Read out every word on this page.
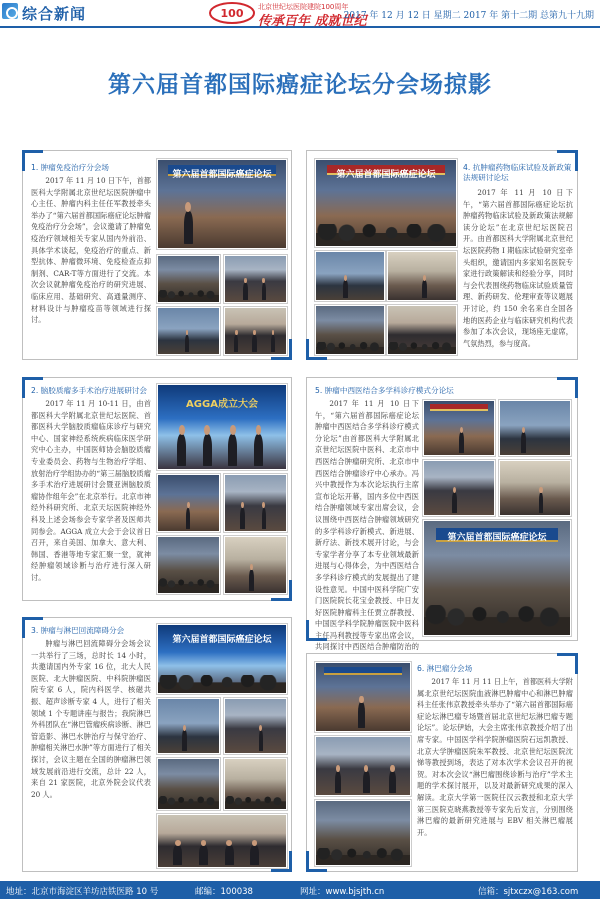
综合新闻	100 北京世纪坛医院建院100周年
传承百年 成就世纪
2017 年 12 月 12 日 星期二 2017 年 第十二期 总第九十九期
第六届首都国际癌症论坛分会场掠影
1. 肿瘤免疫治疗分会场
2017 年 11 月 10 日下午，首都医科大学附属北京世纪坛医院肿瘤中心主任、肿瘤内科主任任军教授牵头举办了“第六届首都国际癌症论坛肿瘤免疫治疗分会场”，会议邀请了肿瘤免疫治疗领域相关专家从国内外前沿、具体学术谈起，免疫治疗的重点、新型抗体、肿瘤微环境、免疫检查点抑制剂、CAR-T等方面进行了交流。本次会议就肿瘤免疫治疗的研究进展、临床应用、基础研究、高通量测序、材料设计与肿瘤疫苗等领域进行探讨。
第六届首都国际癌症论坛	第六届首都国际癌症论坛
4. 抗肿瘤药物临床试验及新政策法规研讨论坛
2017 年 11 月 10 日下午，“第六届首都国际癌症论坛抗肿瘤药物临床试验及新政策法规解读分论坛”在北京世纪坛医院召开。由首都医科大学附属北京世纪坛医院药物 I 期临床试验研究室牵头组织，邀请国内多家知名医院专家进行政策解读和经验分享，同时与会代表围绕药物临床试验质量管理、新药研发、伦理审查等议题展开讨论，约 150 余名来自全国各地的医药企业与临床研究机构代表参加了本次会议，现场座无虚席，气氛热烈，参与度高。
2. 脑胶质瘤多手术治疗进展研讨会
2017 年 11 月 10-11 日，由首都医科大学附属北京世纪坛医院、首都医科大学脑胶质瘤临床诊疗与研究中心、国家神经系统疾病临床医学研究中心主办，中国医师协会脑胶质瘤专业委员会、药物与生物治疗学组、放射治疗学组协办的“第三届脑胶质瘤多手术治疗进展研讨会暨亚洲脑胶质瘤协作组年会”在北京举行。北京市神经外科研究所、北京天坛医院神经外科及上述会场参会专家学者及医师共同参会。AGGA 成立大会于会议首日召开，来自美国、加拿大、意大利、韩国、香港等地专家汇聚一堂，就神经肿瘤领域诊断与治疗进行深入研讨。
AGGA成立大会
5. 肿瘤中西医结合多学科诊疗模式分论坛
2017 年 11 月 10 日下午，“第六届首都国际癌症论坛肿瘤中西医结合多学科诊疗模式分论坛”由首都医科大学附属北京世纪坛医院中医科、北京市中西医结合肿瘤研究所、北京市中西医结合肿瘤诊疗中心承办。冯兴中教授作为本次论坛执行主席宣布论坛开幕，国内多位中西医结合肿瘤领域专家出席会议，会议围绕中西医结合肿瘤领域研究的多学科诊疗新模式、新进展、新疗法、新技术展开讨论，与会专家学者分享了本专业领域最新进展与心得体会，为中西医结合多学科诊疗模式的发展提出了建设性意见。中国中医科学院广安门医院院长花宝金教授、中日友好医院肿瘤科主任贾立群教授、中国医学科学院肿瘤医院中医科主任冯利教授等专家出席会议，共同探讨中西医结合肿瘤防治的
第六届首都国际癌症论坛
3. 肿瘤与淋巴回流障碍分会
肿瘤与淋巴回流障碍分会场会议一共举行了三场，总时长 14 小时，共邀请国内外专家 16 位，北大人民医院、北大肿瘤医院、中科院肿瘤医院专家 6 人，院内科医学、核磁共振、超声诊断专家 4 人，进行了相关领域 1 个专题讲座与报告；我院淋巴外科团队在“淋巴管瘤疾病诊断、淋巴管造影、淋巴水肿治疗与保守治疗、肿瘤相关淋巴水肿”等方面进行了相关探讨，会议主题在全国的肿瘤淋巴领域发展前沿进行交流，总计 22 人，来自 21 家医院，北京外院会议代表 20 人。
第六届首都国际癌症论坛
6. 淋巴瘤分会场
2017 年 11 月 11 日上午，首都医科大学附属北京世纪坛医院血液淋巴肿瘤中心和淋巴肿瘤科主任张伟京教授牵头举办了“第六届首都国际癌症论坛淋巴瘤专场暨首届北京世纪坛淋巴瘤专题论坛”。论坛伊始，大会主席张伟京教授介绍了出席专家。中国医学科学院肿瘤医院石远凯教授、北京大学肿瘤医院朱军教授、北京世纪坛医院沈悌等教授到场，表达了对本次学术会议召开的祝贺。对本次会议“淋巴瘤围绕诊断与治疗”学术主题的学术探讨展开，以及对最新研究成果的深入解读。北京大学第一医院任汉云教授和北京大学第三医院克晓燕教授等专家先后发言，分别围绕淋巴瘤的最新研究进展与 EBV 相关淋巴瘤展开。
地址：北京市海淀区羊坊店铁医路 10 号	邮编：100038	网址：www.bjsjth.cn	信箱：sjtxczx@163.com
